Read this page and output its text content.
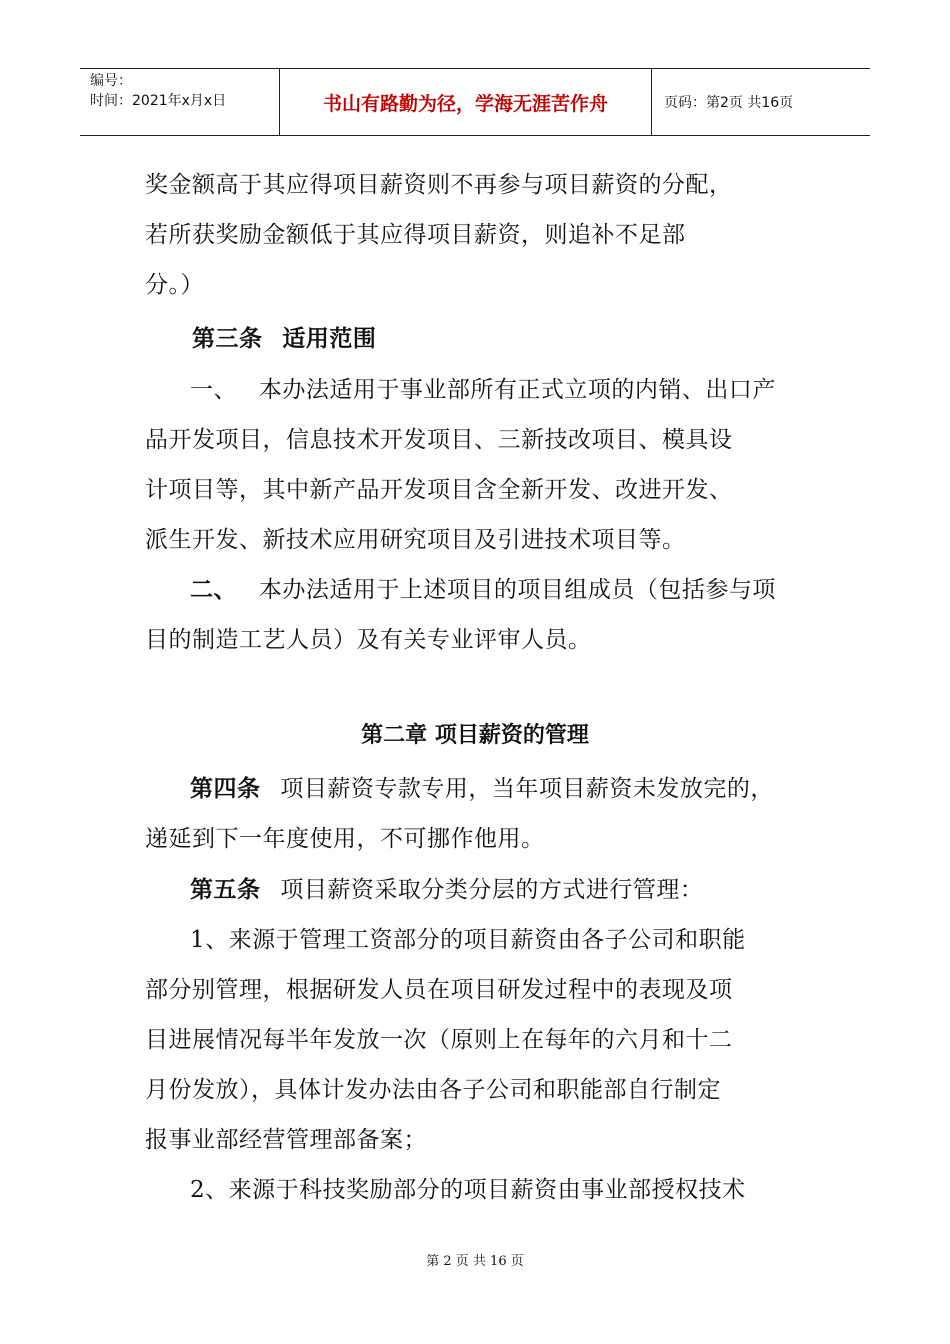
编号：
时间：2021年x月x日	书山有路勤为径，学海无涯苦作舟	页码：第2页 共16页
奖金额高于其应得项目薪资则不再参与项目薪资的分配，
若所获奖励金额低于其应得项目薪资，则追补不足部
分。）
第三条 适用范围
一、 本办法适用于事业部所有正式立项的内销、出口产
品开发项目，信息技术开发项目、三新技改项目、模具设
计项目等，其中新产品开发项目含全新开发、改进开发、
派生开发、新技术应用研究项目及引进技术项目等。
二、 本办法适用于上述项目的项目组成员（包括参与项
目的制造工艺人员）及有关专业评审人员。
第二章 项目薪资的管理
第四条 项目薪资专款专用，当年项目薪资未发放完的，
递延到下一年度使用，不可挪作他用。
第五条 项目薪资采取分类分层的方式进行管理：
1、来源于管理工资部分的项目薪资由各子公司和职能
部分别管理，根据研发人员在项目研发过程中的表现及项
目进展情况每半年发放一次（原则上在每年的六月和十二
月份发放），具体计发办法由各子公司和职能部自行制定
报事业部经营管理部备案；
2、来源于科技奖励部分的项目薪资由事业部授权技术
第 2 页 共 16 页
